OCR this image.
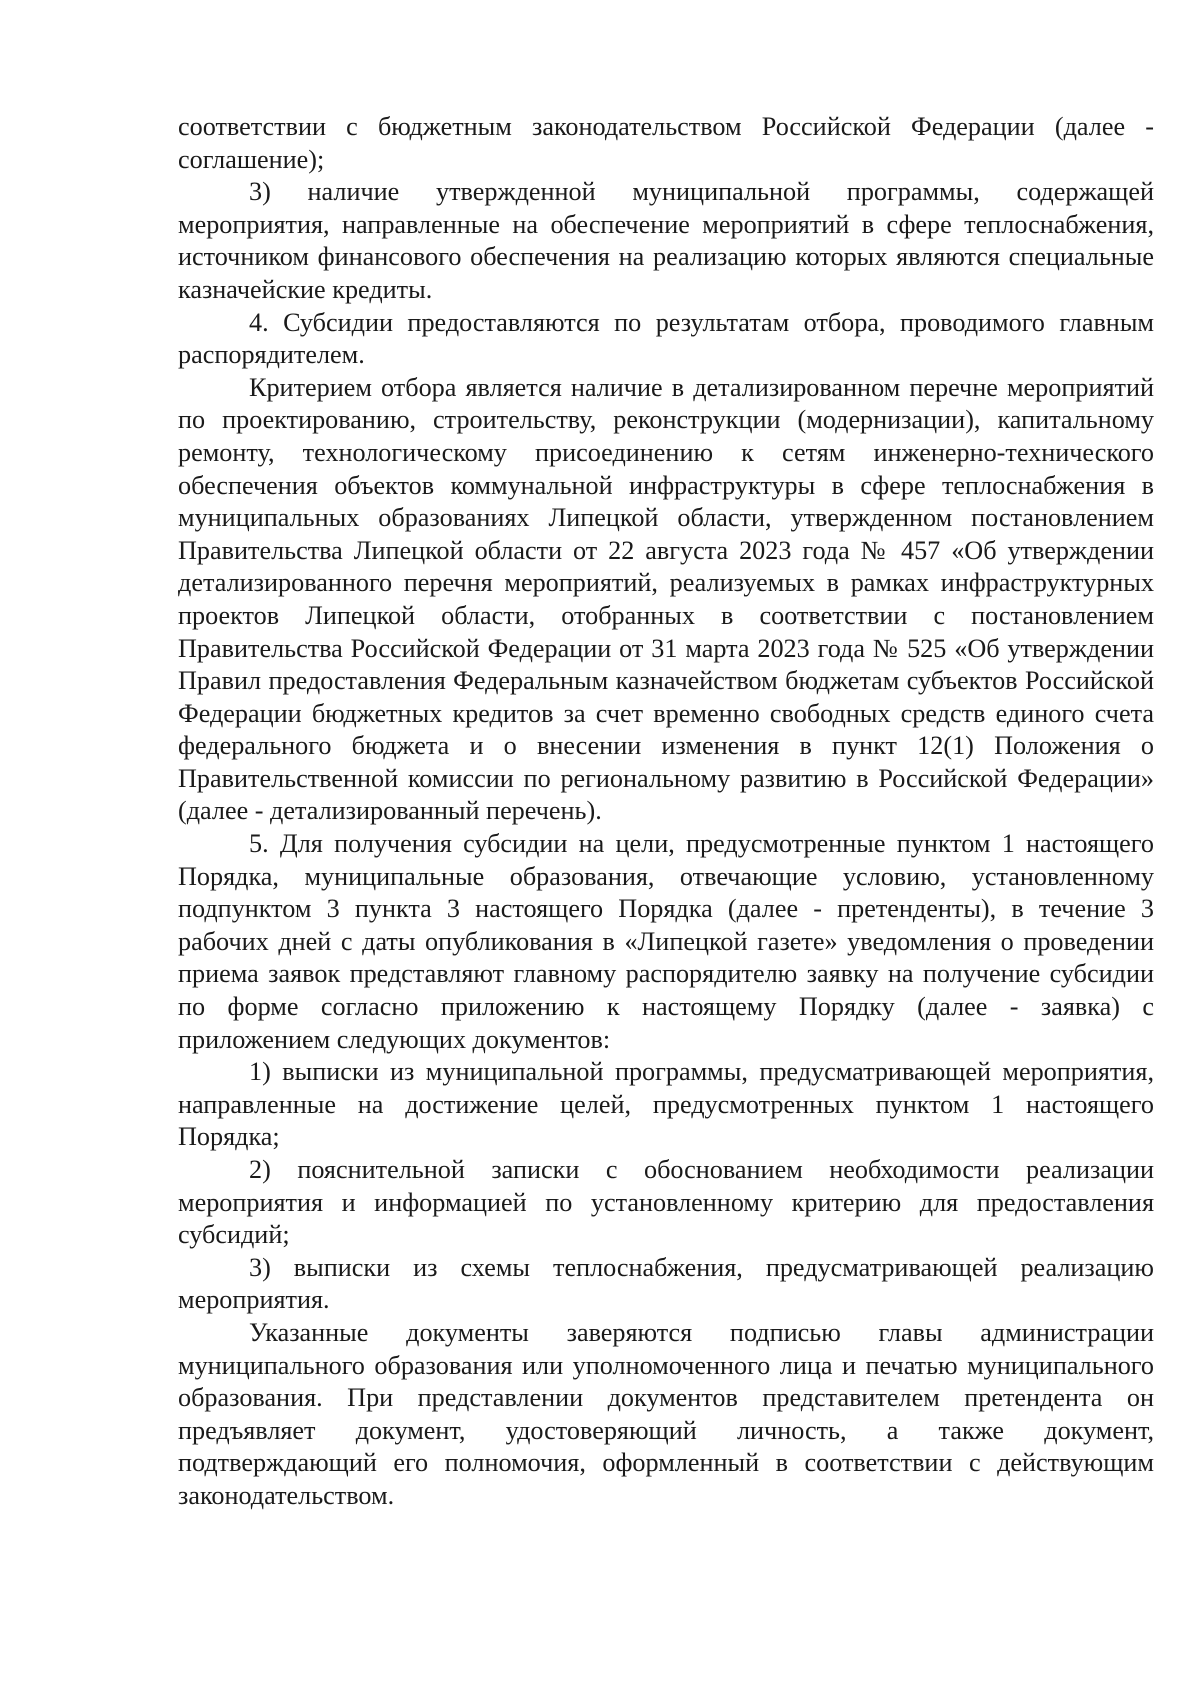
соответствии с бюджетным законодательством Российской Федерации (далее - соглашение);

3) наличие утвержденной муниципальной программы, содержащей мероприятия, направленные на обеспечение мероприятий в сфере теплоснабжения, источником финансового обеспечения на реализацию которых являются специальные казначейские кредиты.

4. Субсидии предоставляются по результатам отбора, проводимого главным распорядителем.

Критерием отбора является наличие в детализированном перечне мероприятий по проектированию, строительству, реконструкции (модернизации), капитальному ремонту, технологическому присоединению к сетям инженерно-технического обеспечения объектов коммунальной инфраструктуры в сфере теплоснабжения в муниципальных образованиях Липецкой области, утвержденном постановлением Правительства Липецкой области от 22 августа 2023 года № 457 «Об утверждении детализированного перечня мероприятий, реализуемых в рамках инфраструктурных проектов Липецкой области, отобранных в соответствии с постановлением Правительства Российской Федерации от 31 марта 2023 года № 525 «Об утверждении Правил предоставления Федеральным казначейством бюджетам субъектов Российской Федерации бюджетных кредитов за счет временно свободных средств единого счета федерального бюджета и о внесении изменения в пункт 12(1) Положения о Правительственной комиссии по региональному развитию в Российской Федерации» (далее - детализированный перечень).

5. Для получения субсидии на цели, предусмотренные пунктом 1 настоящего Порядка, муниципальные образования, отвечающие условию, установленному подпунктом 3 пункта 3 настоящего Порядка (далее - претенденты), в течение 3 рабочих дней с даты опубликования в «Липецкой газете» уведомления о проведении приема заявок представляют главному распорядителю заявку на получение субсидии по форме согласно приложению к настоящему Порядку (далее - заявка) с приложением следующих документов:

1) выписки из муниципальной программы, предусматривающей мероприятия, направленные на достижение целей, предусмотренных пунктом 1 настоящего Порядка;

2) пояснительной записки с обоснованием необходимости реализации мероприятия и информацией по установленному критерию для предоставления субсидий;

3) выписки из схемы теплоснабжения, предусматривающей реализацию мероприятия.

Указанные документы заверяются подписью главы администрации муниципального образования или уполномоченного лица и печатью муниципального образования. При представлении документов представителем претендента он предъявляет документ, удостоверяющий личность, а также документ, подтверждающий его полномочия, оформленный в соответствии с действующим законодательством.
